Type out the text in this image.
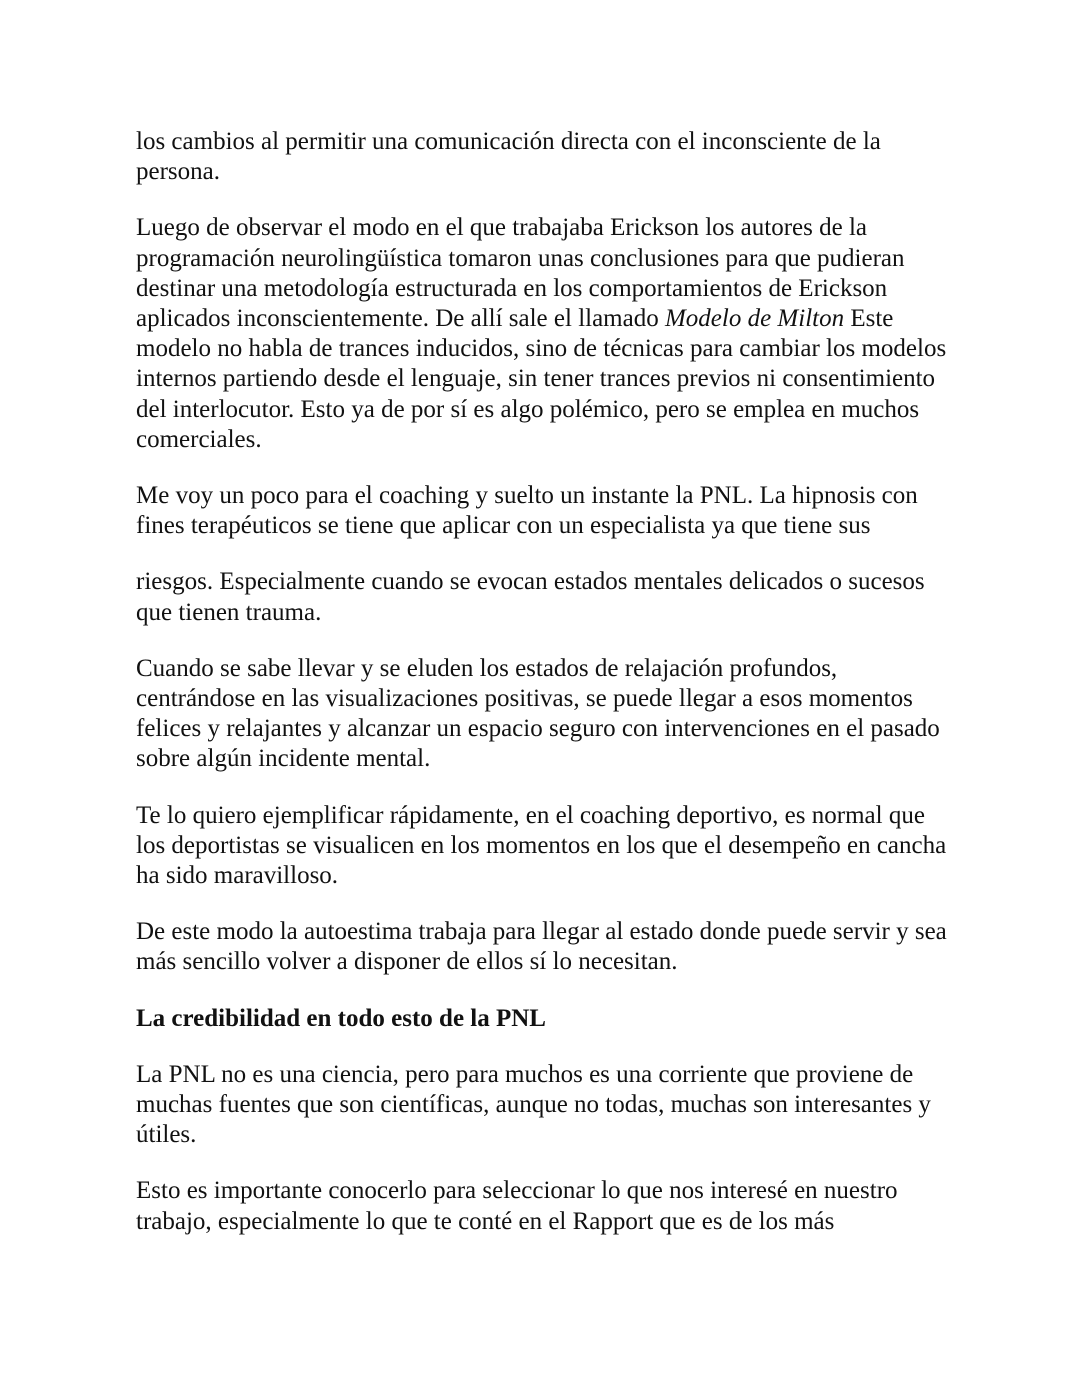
los cambios al permitir una comunicación directa con el inconsciente de la persona.

Luego de observar el modo en el que trabajaba Erickson los autores de la programación neurolingüística tomaron unas conclusiones para que pudieran destinar una metodología estructurada en los comportamientos de Erickson aplicados inconscientemente. De allí sale el llamado Modelo de Milton Este modelo no habla de trances inducidos, sino de técnicas para cambiar los modelos internos partiendo desde el lenguaje, sin tener trances previos ni consentimiento del interlocutor. Esto ya de por sí es algo polémico, pero se emplea en muchos comerciales.

Me voy un poco para el coaching y suelto un instante la PNL. La hipnosis con fines terapéuticos se tiene que aplicar con un especialista ya que tiene sus

riesgos. Especialmente cuando se evocan estados mentales delicados o sucesos que tienen trauma.

Cuando se sabe llevar y se eluden los estados de relajación profundos, centrándose en las visualizaciones positivas, se puede llegar a esos momentos felices y relajantes y alcanzar un espacio seguro con intervenciones en el pasado sobre algún incidente mental.

Te lo quiero ejemplificar rápidamente, en el coaching deportivo, es normal que los deportistas se visualicen en los momentos en los que el desempeño en cancha ha sido maravilloso.

De este modo la autoestima trabaja para llegar al estado donde puede servir y sea más sencillo volver a disponer de ellos sí lo necesitan.

La credibilidad en todo esto de la PNL

La PNL no es una ciencia, pero para muchos es una corriente que proviene de muchas fuentes que son científicas, aunque no todas, muchas son interesantes y útiles.

Esto es importante conocerlo para seleccionar lo que nos interesé en nuestro trabajo, especialmente lo que te conté en el Rapport que es de los más
